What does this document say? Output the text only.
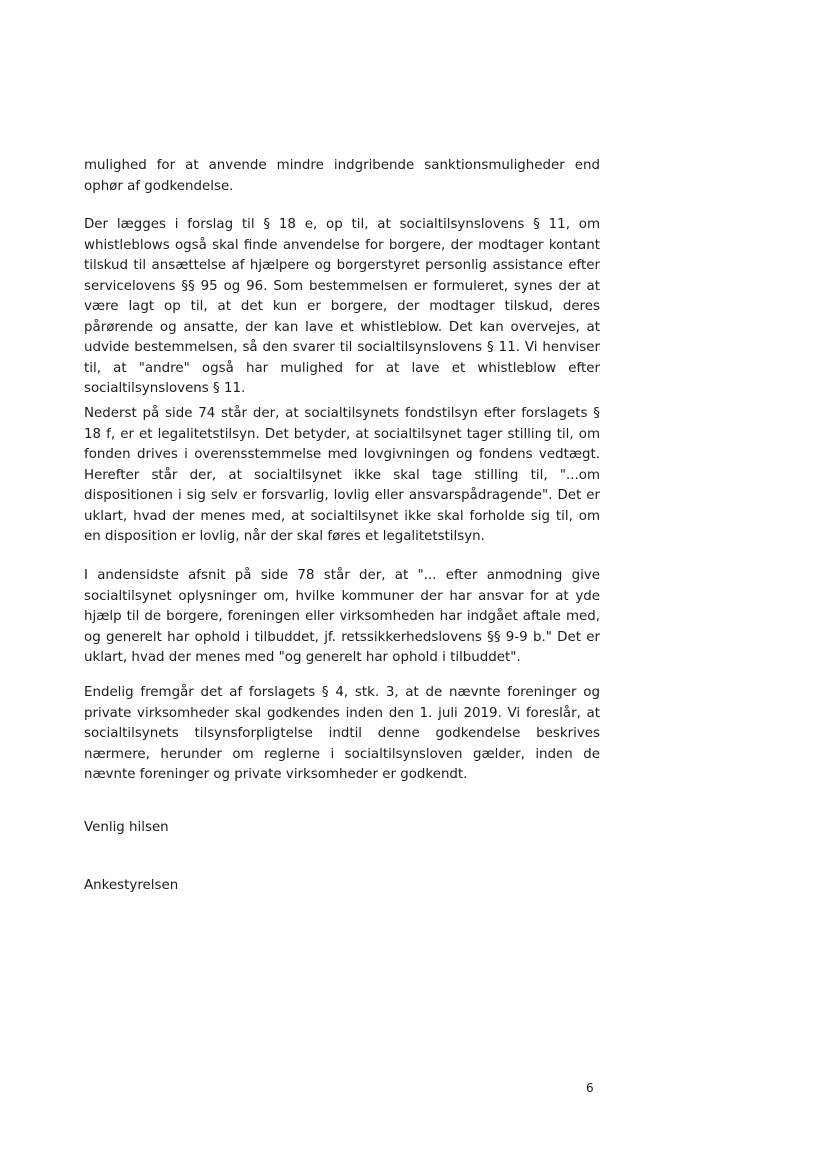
mulighed for at anvende mindre indgribende sanktionsmuligheder end ophør af godkendelse.

Der lægges i forslag til § 18 e, op til, at socialtilsynslovens § 11, om whistleblows også skal finde anvendelse for borgere, der modtager kontant tilskud til ansættelse af hjælpere og borgerstyret personlig assistance efter servicelovens §§ 95 og 96. Som bestemmelsen er formuleret, synes der at være lagt op til, at det kun er borgere, der modtager tilskud, deres pårørende og ansatte, der kan lave et whistleblow. Det kan overvejes, at udvide bestemmelsen, så den svarer til socialtilsynslovens § 11. Vi henviser til, at "andre" også har mulighed for at lave et whistleblow efter socialtilsynslovens § 11.

Nederst på side 74 står der, at socialtilsynets fondstilsyn efter forslagets § 18 f, er et legalitetstilsyn. Det betyder, at socialtilsynet tager stilling til, om fonden drives i overensstemmelse med lovgivningen og fondens vedtægt. Herefter står der, at socialtilsynet ikke skal tage stilling til, "...om dispositionen i sig selv er forsvarlig, lovlig eller ansvarspådragende". Det er uklart, hvad der menes med, at socialtilsynet ikke skal forholde sig til, om en disposition er lovlig, når der skal føres et legalitetstilsyn.

I andensidste afsnit på side 78 står der, at "... efter anmodning give socialtilsynet oplysninger om, hvilke kommuner der har ansvar for at yde hjælp til de borgere, foreningen eller virksomheden har indgået aftale med, og generelt har ophold i tilbuddet, jf. retssikkerhedslovens §§ 9-9 b." Det er uklart, hvad der menes med "og generelt har ophold i tilbuddet".

Endelig fremgår det af forslagets § 4, stk. 3, at de nævnte foreninger og private virksomheder skal godkendes inden den 1. juli 2019. Vi foreslår, at socialtilsynets tilsynsforpligtelse indtil denne godkendelse beskrives nærmere, herunder om reglerne i socialtilsynsloven gælder, inden de nævnte foreninger og private virksomheder er godkendt.

Venlig hilsen

Ankestyrelsen

6
